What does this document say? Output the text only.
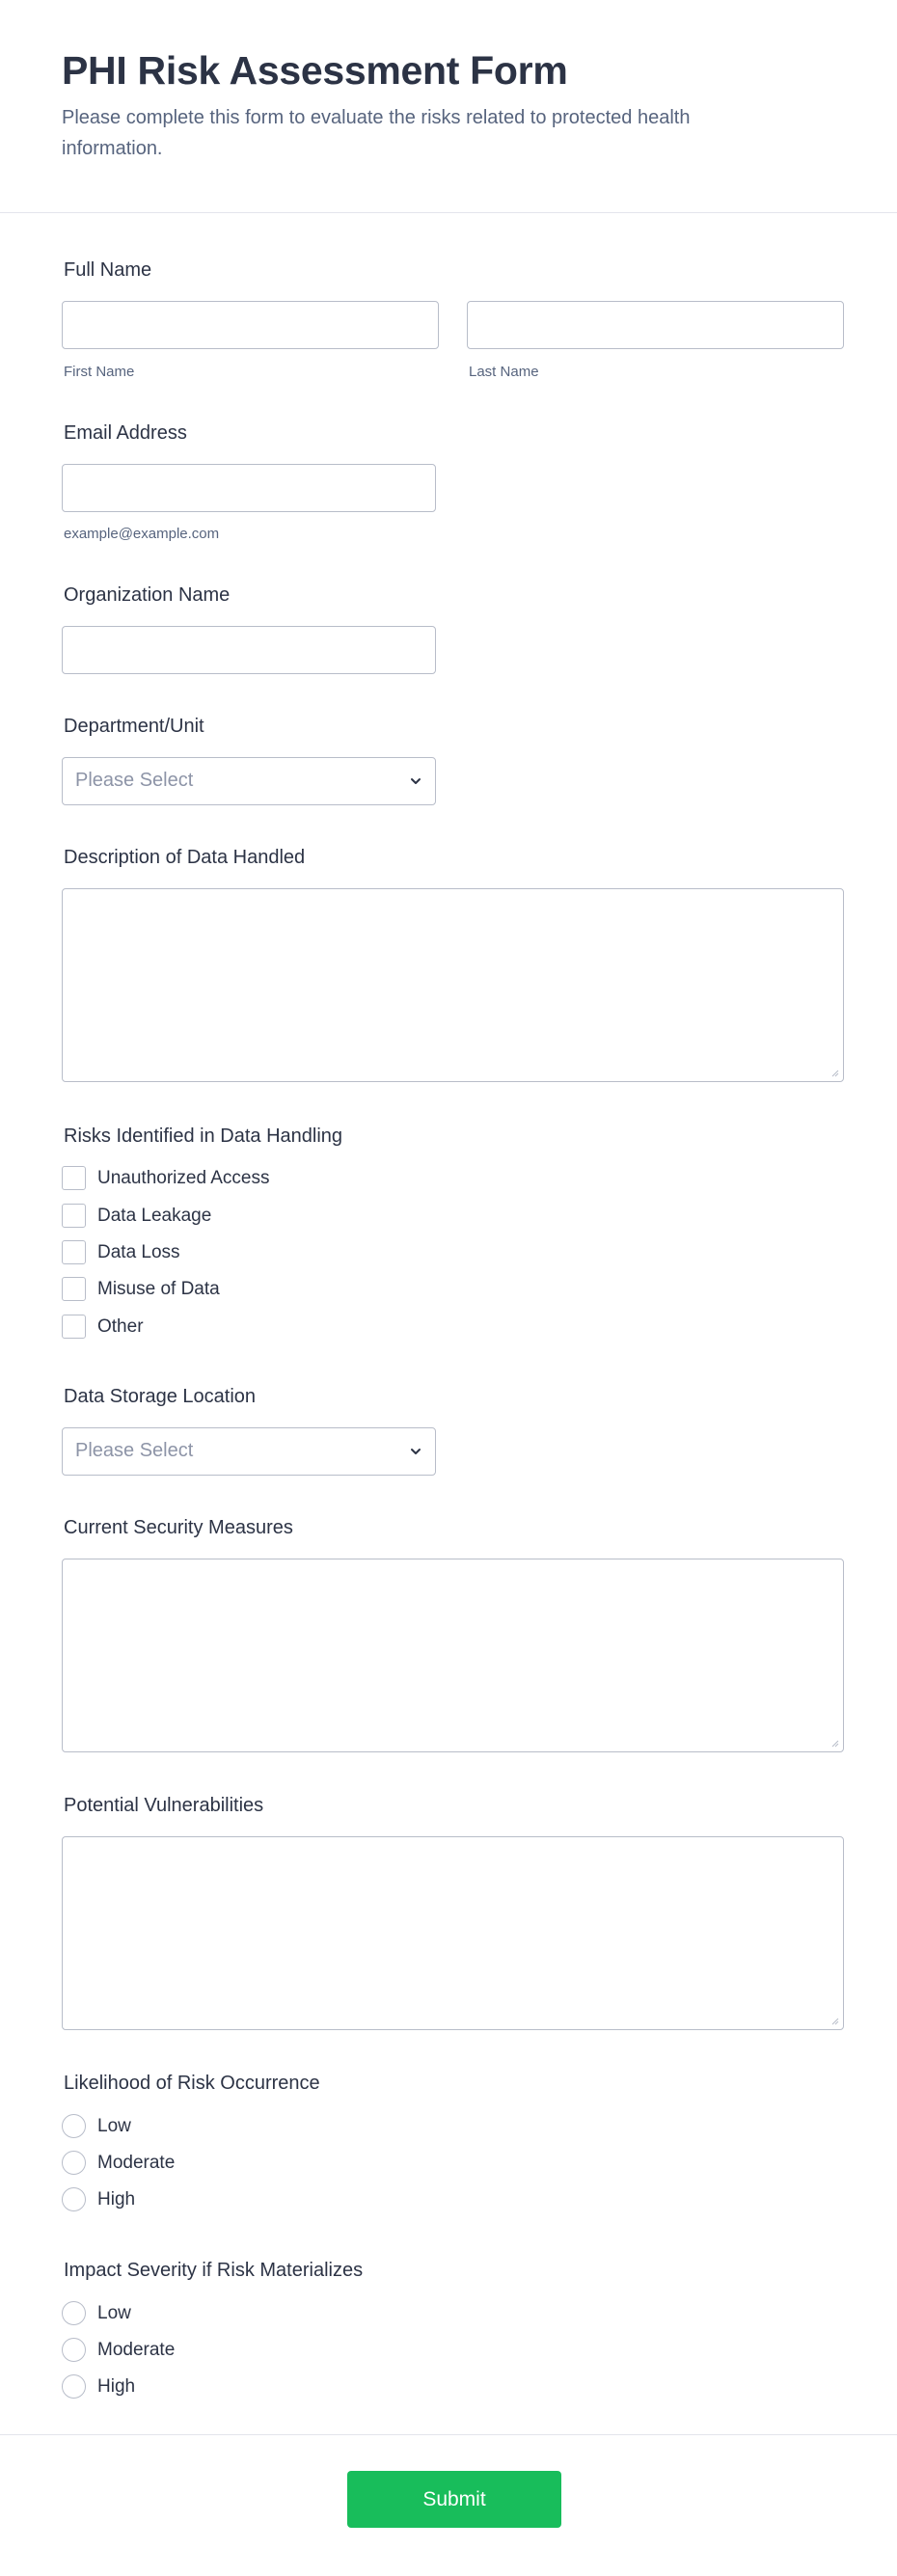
PHI Risk Assessment Form

Please complete this form to evaluate the risks related to protected health information.

Full Name
First Name	Last Name
Email Address
example@example.com
Organization Name
Department/Unit
Please Select
Description of Data Handled
Risks Identified in Data Handling
Unauthorized Access
Data Leakage
Data Loss
Misuse of Data
Other
Data Storage Location
Please Select
Current Security Measures
Potential Vulnerabilities
Likelihood of Risk Occurrence
Low
Moderate
High
Impact Severity if Risk Materializes
Low
Moderate
High
Submit
